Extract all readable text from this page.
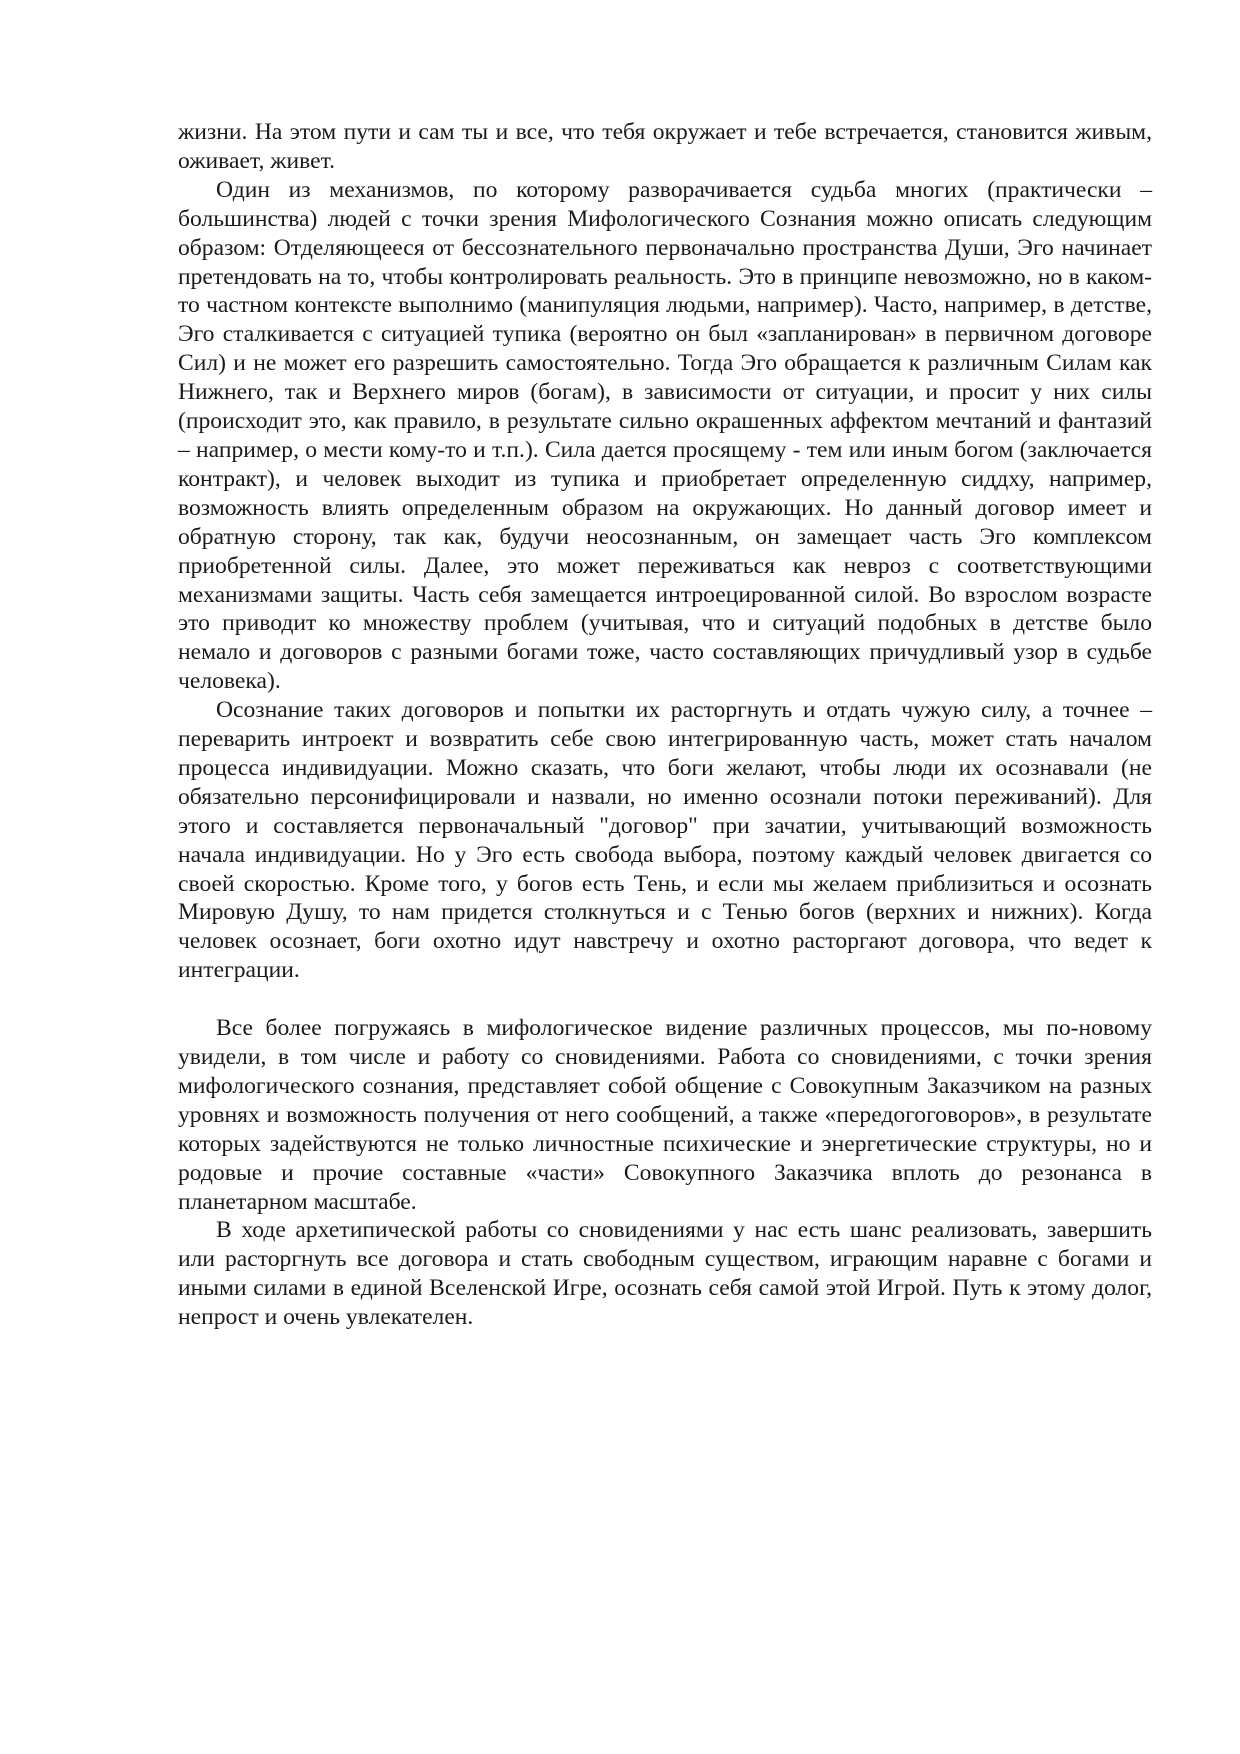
жизни. На этом пути и сам ты и все, что тебя окружает и тебе встречается, становится живым, оживает, живет.

Один из механизмов, по которому разворачивается судьба многих (практически – большинства) людей с точки зрения Мифологического Сознания можно описать следующим образом: Отделяющееся от бессознательного первоначально пространства Души, Эго начинает претендовать на то, чтобы контролировать реальность. Это в принципе невозможно, но в каком-то частном контексте выполнимо (манипуляция людьми, например). Часто, например, в детстве, Эго сталкивается с ситуацией тупика (вероятно он был «запланирован» в первичном договоре Сил) и не может его разрешить самостоятельно. Тогда Эго обращается к различным Силам как Нижнего, так и Верхнего миров (богам), в зависимости от ситуации, и просит у них силы (происходит это, как правило, в результате сильно окрашенных аффектом мечтаний и фантазий – например, о мести кому-то и т.п.). Сила дается просящему - тем или иным богом (заключается контракт), и человек выходит из тупика и приобретает определенную сиддху, например, возможность влиять определенным образом на окружающих. Но данный договор имеет и обратную сторону, так как, будучи неосознанным, он замещает часть Эго комплексом приобретенной силы. Далее, это может переживаться как невроз с соответствующими механизмами защиты. Часть себя замещается интроецированной силой. Во взрослом возрасте это приводит ко множеству проблем (учитывая, что и ситуаций подобных в детстве было немало и договоров с разными богами тоже, часто составляющих причудливый узор в судьбе человека).

Осознание таких договоров и попытки их расторгнуть и отдать чужую силу, а точнее – переварить интроект и возвратить себе свою интегрированную часть, может стать началом процесса индивидуации. Можно сказать, что боги желают, чтобы люди их осознавали (не обязательно персонифицировали и назвали, но именно осознали потоки переживаний). Для этого и составляется первоначальный "договор" при зачатии, учитывающий возможность начала индивидуации. Но у Эго есть свобода выбора, поэтому каждый человек двигается со своей скоростью. Кроме того, у богов есть Тень, и если мы желаем приблизиться и осознать Мировую Душу, то нам придется столкнуться и с Тенью богов (верхних и нижних). Когда человек осознает, боги охотно идут навстречу и охотно расторгают договора, что ведет к интеграции.

Все более погружаясь в мифологическое видение различных процессов, мы по-новому увидели, в том числе и работу со сновидениями. Работа со сновидениями, с точки зрения мифологического сознания, представляет собой общение с Совокупным Заказчиком на разных уровнях и возможность получения от него сообщений, а также «передогоговоров», в результате которых задействуются не только личностные психические и энергетические структуры, но и родовые и прочие составные «части» Совокупного Заказчика вплоть до резонанса в планетарном масштабе.

В ходе архетипической работы со сновидениями у нас есть шанс реализовать, завершить или расторгнуть все договора и стать свободным существом, играющим наравне с богами и иными силами в единой Вселенской Игре, осознать себя самой этой Игрой. Путь к этому долог, непрост и очень увлекателен.
